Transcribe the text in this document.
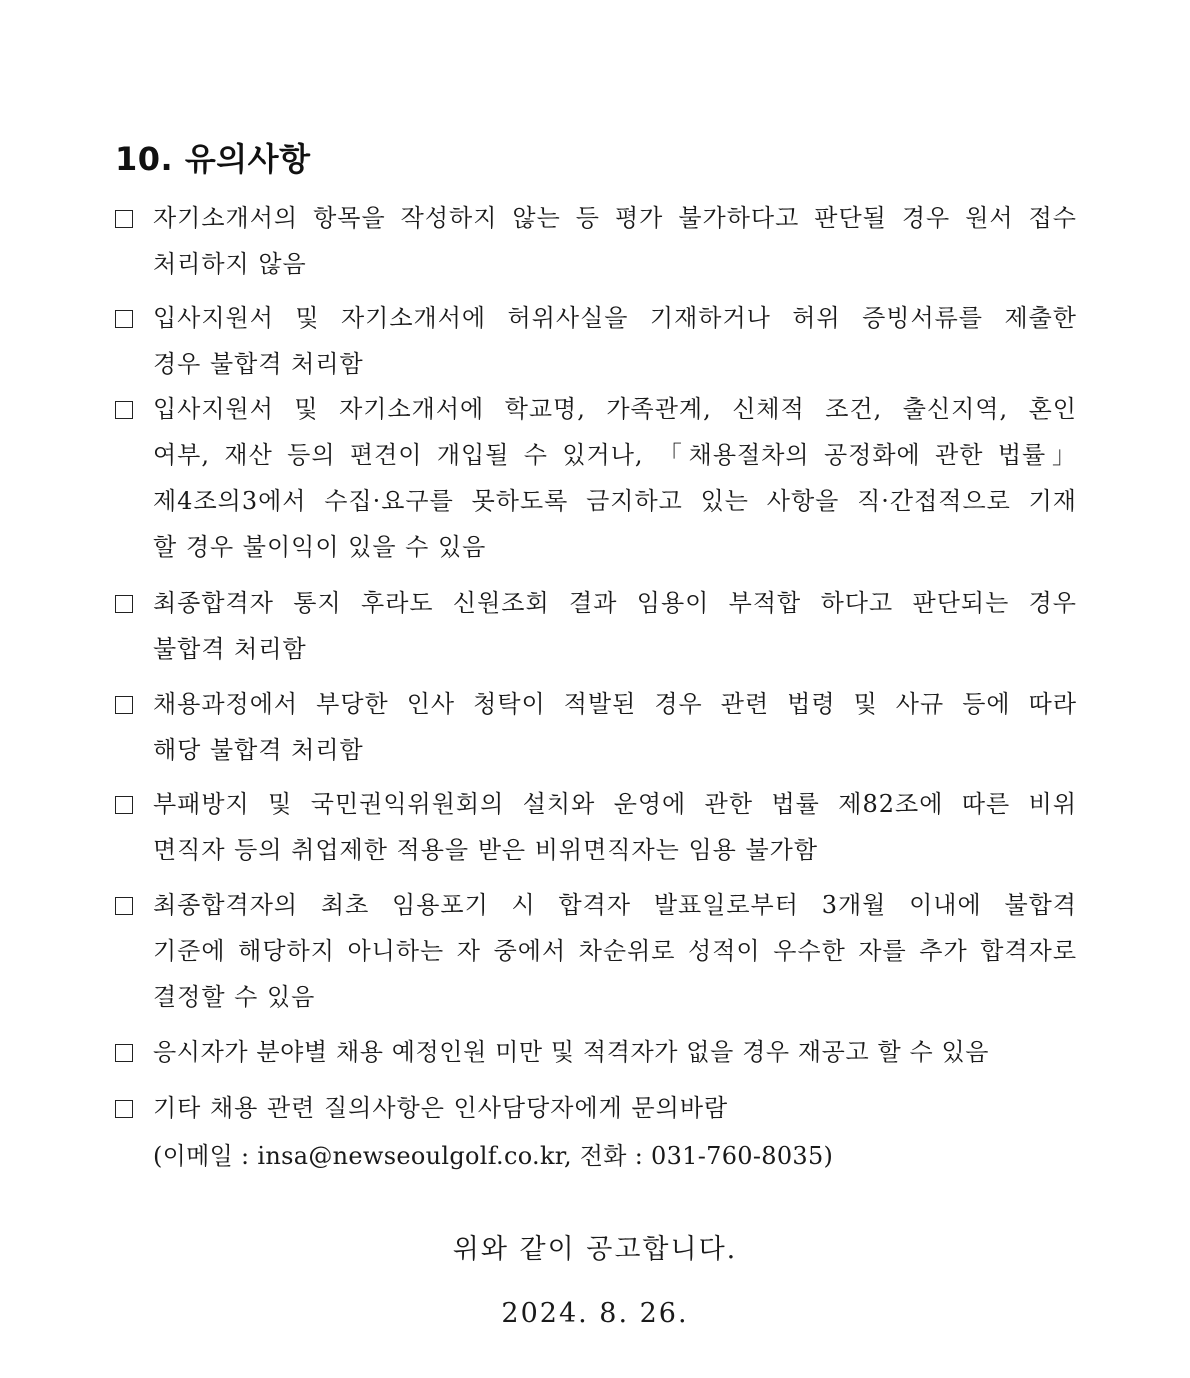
10. 유의사항
자기소개서의 항목을 작성하지 않는 등 평가 불가하다고 판단될 경우 원서 접수
처리하지 않음
입사지원서 및 자기소개서에 허위사실을 기재하거나 허위 증빙서류를 제출한
경우 불합격 처리함
입사지원서 및 자기소개서에 학교명, 가족관계, 신체적 조건, 출신지역, 혼인
여부, 재산 등의 편견이 개입될 수 있거나, 「채용절차의 공정화에 관한 법률」
제4조의3에서 수집·요구를 못하도록 금지하고 있는 사항을 직·간접적으로 기재
할 경우 불이익이 있을 수 있음
최종합격자 통지 후라도 신원조회 결과 임용이 부적합 하다고 판단되는 경우
불합격 처리함
채용과정에서 부당한 인사 청탁이 적발된 경우 관련 법령 및 사규 등에 따라
해당 불합격 처리함
부패방지 및 국민권익위원회의 설치와 운영에 관한 법률 제82조에 따른 비위
면직자 등의 취업제한 적용을 받은 비위면직자는 임용 불가함
최종합격자의 최초 임용포기 시 합격자 발표일로부터 3개월 이내에 불합격
기준에 해당하지 아니하는 자 중에서 차순위로 성적이 우수한 자를 추가 합격자로
결정할 수 있음
응시자가 분야별 채용 예정인원 미만 및 적격자가 없을 경우 재공고 할 수 있음
기타 채용 관련 질의사항은 인사담당자에게 문의바람
(이메일 : insa@newseoulgolf.co.kr, 전화 : 031-760-8035)
위와 같이 공고합니다.
2024. 8. 26.
